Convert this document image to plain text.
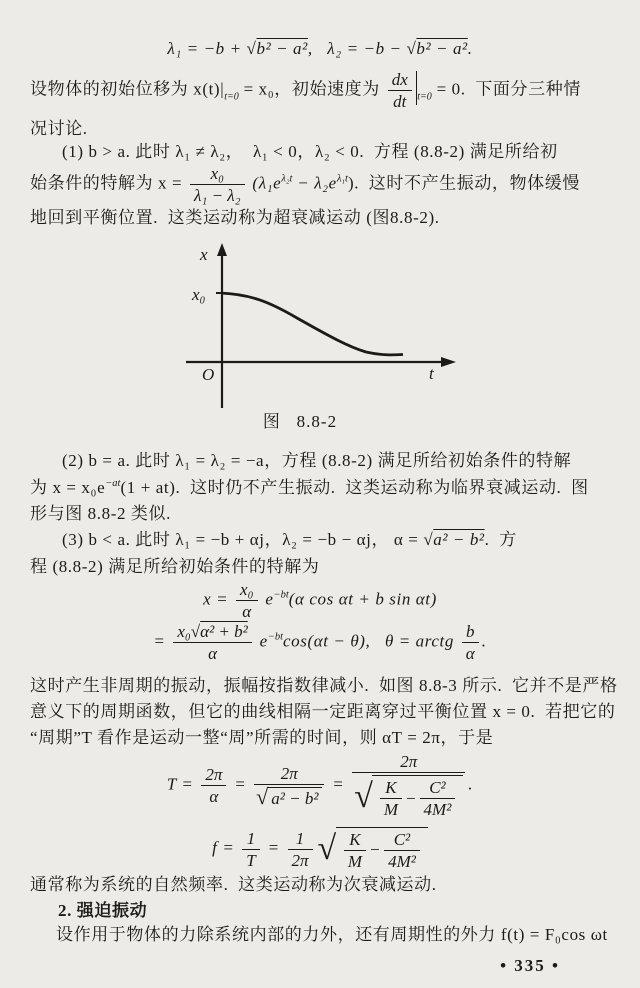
λ₁ = −b + √b² − a²,   λ₂ = −b − √b² − a².
设物体的初始位移为 $x(t)|_{t=0} = x_0$，初始速度为 $\frac{dx}{dt} _{t=0} = 0$.  下面分三种情
况讨论.
(1) b > a. 此时 λ₁ ≠ λ₂，  λ₁ < 0，λ₂ < 0.  方程 (8.8-2) 满足所给初
始条件的特解为 $x = \frac{\text{x₀}}{\text{λ₁ − λ₂}} (\lambda_1e^{\lambda_2t} - \lambda_2e^{\lambda_1t})$.  这时不产生振动，物体缓慢
地回到平衡位置.  这类运动称为超衰减运动 (图8.8-2).
x
x₀
O	t
图   8.8-2
(2) b = a. 此时 λ₁ = λ₂ = −a，方程 (8.8-2) 满足所给初始条件的特解
为 $x = x_0e^{-at}(1 + at)$.  这时仍不产生振动.  这类运动称为临界衰减运动.  图
形与图 8.8-2 类似.
(3) b < a. 此时 λ₁ = −b + αj，λ₂ = −b − αj， α = √a² − b².  方
程 (8.8-2) 满足所给初始条件的特解为
$x = \frac{\text{x₀}}{\alpha} e^{-bt}(\alpha$ cos αt + b sin αt)
= $\frac{\text{x₀√α² + b²}}{\alpha} e^{-bt}\cos(\alpha t - \theta)$,   θ = arctg $\frac{b}{\alpha}$ .
这时产生非周期的振动，振幅按指数律减小.  如图 8.8-3 所示.  它并不是严格
意义下的周期函数，但它的曲线相隔一定距离穿过平衡位置 x = 0.  若把它的
“周期”T 看作是运动一整“周”所需的时间，则 αT = 2π，于是
$T = \frac{2\pi}{\alpha} = \frac{2\pi}{\text{√ a² − b²}} = \frac{2\pi}{√ \frac{K}{M} - \frac{\text{C²}}{\text{4M²}}}$ .
$f = \frac{1}{T} = \frac{1}{2\pi}$ √ $\frac{K}{M} - \frac{\text{C²}}{\text{4M²}}$
通常称为系统的自然频率.  这类运动称为次衰减运动.
2. 强迫振动
设作用于物体的力除系统内部的力外，还有周期性的外力 f(t) = F₀cos ωt
• 335 •
